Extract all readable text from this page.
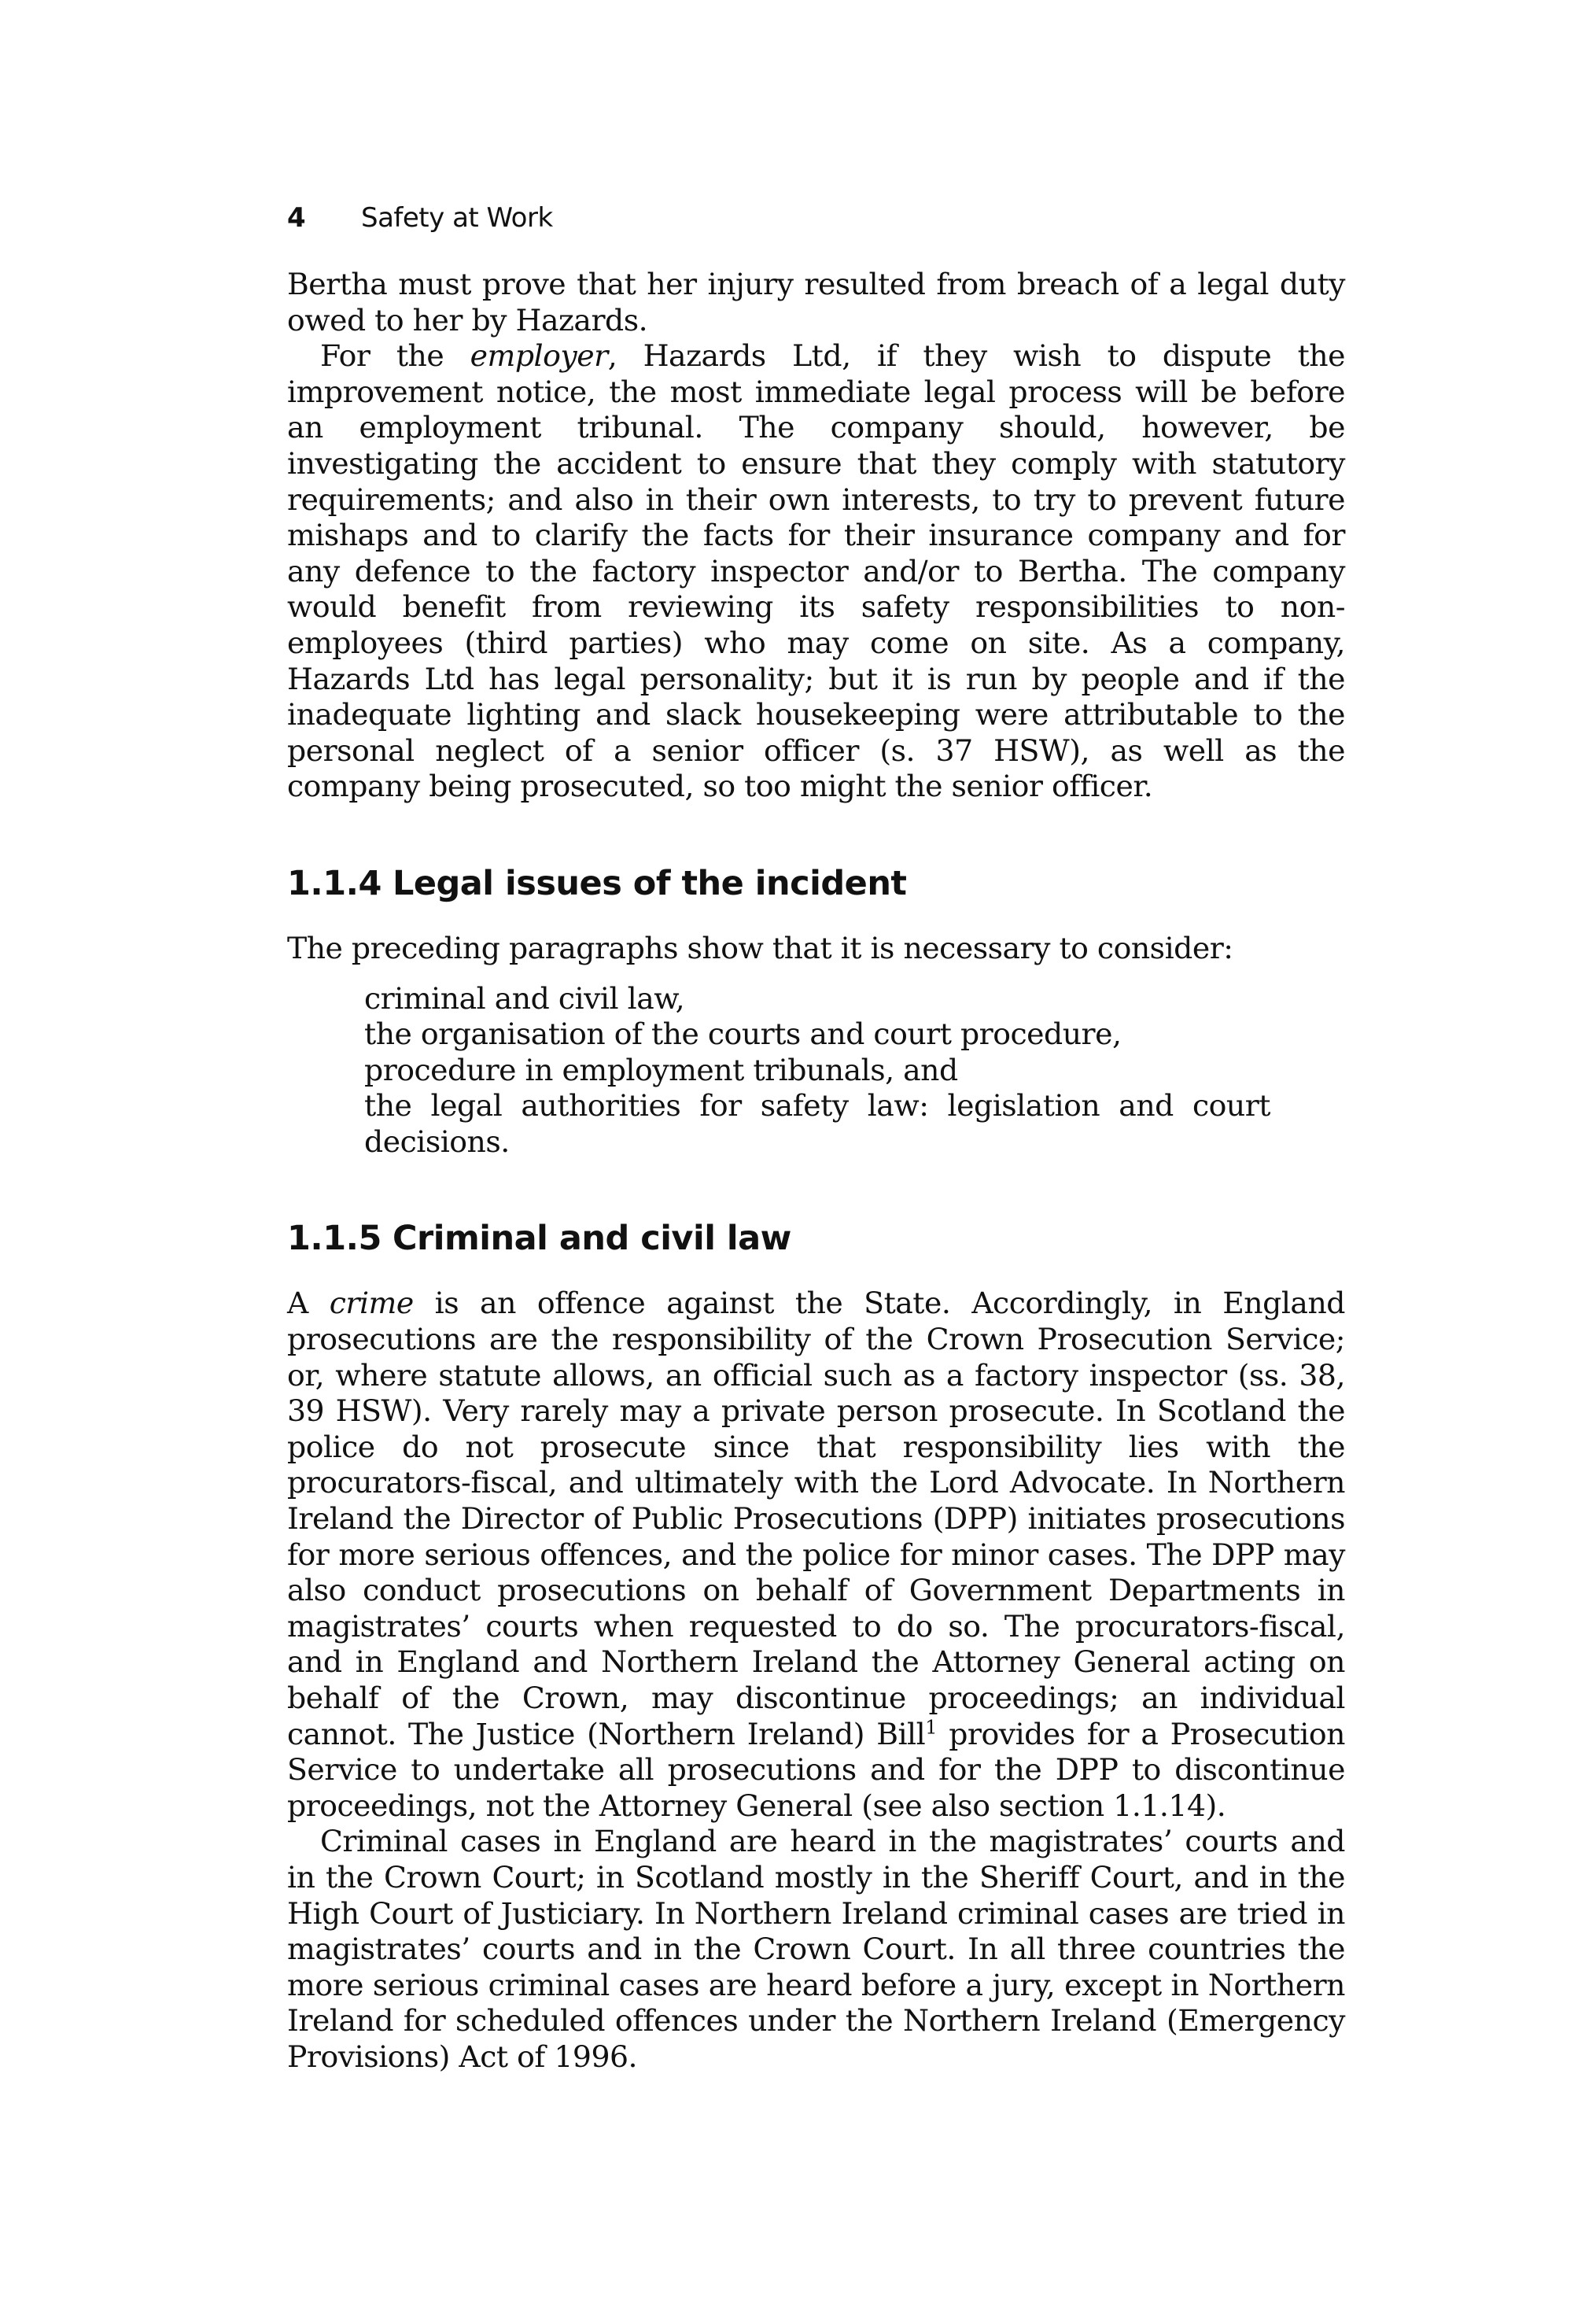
4 Safety at Work

Bertha must prove that her injury resulted from breach of a legal duty owed to her by Hazards.

For the employer, Hazards Ltd, if they wish to dispute the improvement notice, the most immediate legal process will be before an employment tribunal. The company should, however, be investigating the accident to ensure that they comply with statutory requirements; and also in their own interests, to try to prevent future mishaps and to clarify the facts for their insurance company and for any defence to the factory inspector and/or to Bertha. The company would benefit from reviewing its safety responsibilities to non-employees (third parties) who may come on site. As a company, Hazards Ltd has legal personality; but it is run by people and if the inadequate lighting and slack housekeeping were attributable to the personal neglect of a senior officer (s. 37 HSW), as well as the company being prosecuted, so too might the senior officer.

1.1.4 Legal issues of the incident

The preceding paragraphs show that it is necessary to consider:

criminal and civil law,
the organisation of the courts and court procedure,
procedure in employment tribunals, and
the legal authorities for safety law: legislation and court decisions.
1.1.5 Criminal and civil law

A crime is an offence against the State. Accordingly, in England prosecutions are the responsibility of the Crown Prosecution Service; or, where statute allows, an official such as a factory inspector (ss. 38, 39 HSW). Very rarely may a private person prosecute. In Scotland the police do not prosecute since that responsibility lies with the procurators-fiscal, and ultimately with the Lord Advocate. In Northern Ireland the Director of Public Prosecutions (DPP) initiates prosecutions for more serious offences, and the police for minor cases. The DPP may also conduct prosecutions on behalf of Government Departments in magistrates’ courts when requested to do so. The procurators-fiscal, and in England and Northern Ireland the Attorney General acting on behalf of the Crown, may discontinue proceedings; an individual cannot. The Justice (Northern Ireland) Bill$^1$ provides for a Prosecution Service to undertake all prosecutions and for the DPP to discontinue proceedings, not the Attorney General (see also section 1.1.14).

Criminal cases in England are heard in the magistrates’ courts and in the Crown Court; in Scotland mostly in the Sheriff Court, and in the High Court of Justiciary. In Northern Ireland criminal cases are tried in magistrates’ courts and in the Crown Court. In all three countries the more serious criminal cases are heard before a jury, except in Northern Ireland for scheduled offences under the Northern Ireland (Emergency Provisions) Act of 1996.
